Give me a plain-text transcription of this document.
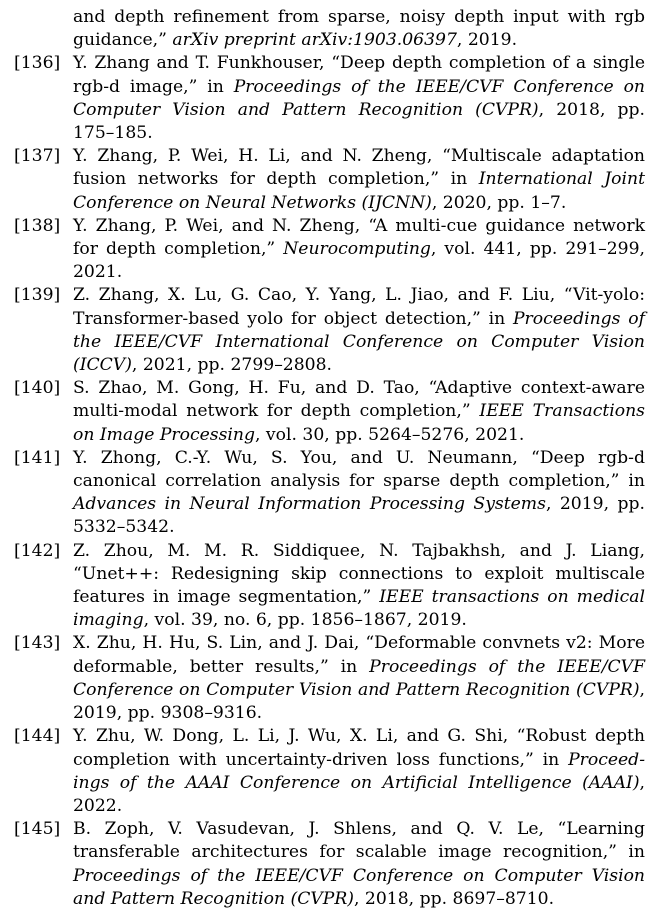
and depth refinement from sparse, noisy depth input with rgb guidance,” arXiv preprint arXiv:1903.06397, 2019.
[136] Y. Zhang and T. Funkhouser, “Deep depth completion of a single rgb-d image,” in Proceedings of the IEEE/CVF Conference on Computer Vision and Pattern Recognition (CVPR), 2018, pp. 175–185.
[137] Y. Zhang, P. Wei, H. Li, and N. Zheng, “Multiscale adaptation fusion networks for depth completion,” in International Joint Conference on Neural Networks (IJCNN), 2020, pp. 1–7.
[138] Y. Zhang, P. Wei, and N. Zheng, “A multi-cue guidance network for depth completion,” Neurocomputing, vol. 441, pp. 291–299, 2021.
[139] Z. Zhang, X. Lu, G. Cao, Y. Yang, L. Jiao, and F. Liu, “Vit-yolo: Transformer-based yolo for object detection,” in Proceedings of the IEEE/CVF International Conference on Computer Vision (ICCV), 2021, pp. 2799–2808.
[140] S. Zhao, M. Gong, H. Fu, and D. Tao, “Adaptive context-aware multi-modal network for depth completion,” IEEE Transactions on Image Processing, vol. 30, pp. 5264–5276, 2021.
[141] Y. Zhong, C.-Y. Wu, S. You, and U. Neumann, “Deep rgb-d canonical correlation analysis for sparse depth completion,” in Advances in Neural Information Processing Systems, 2019, pp. 5332–5342.
[142] Z. Zhou, M. M. R. Siddiquee, N. Tajbakhsh, and J. Liang, “Unet++: Redesigning skip connections to exploit multiscale features in image segmentation,” IEEE transactions on medical imaging, vol. 39, no. 6, pp. 1856–1867, 2019.
[143] X. Zhu, H. Hu, S. Lin, and J. Dai, “Deformable convnets v2: More deformable, better results,” in Proceedings of the IEEE/CVF Conference on Computer Vision and Pattern Recognition (CVPR), 2019, pp. 9308–9316.
[144] Y. Zhu, W. Dong, L. Li, J. Wu, X. Li, and G. Shi, “Robust depth completion with uncertainty-driven loss functions,” in Proceedings of the AAAI Conference on Artificial Intelligence (AAAI), 2022.
[145] B. Zoph, V. Vasudevan, J. Shlens, and Q. V. Le, “Learning transferable architectures for scalable image recognition,” in Proceedings of the IEEE/CVF Conference on Computer Vision and Pattern Recognition (CVPR), 2018, pp. 8697–8710.
